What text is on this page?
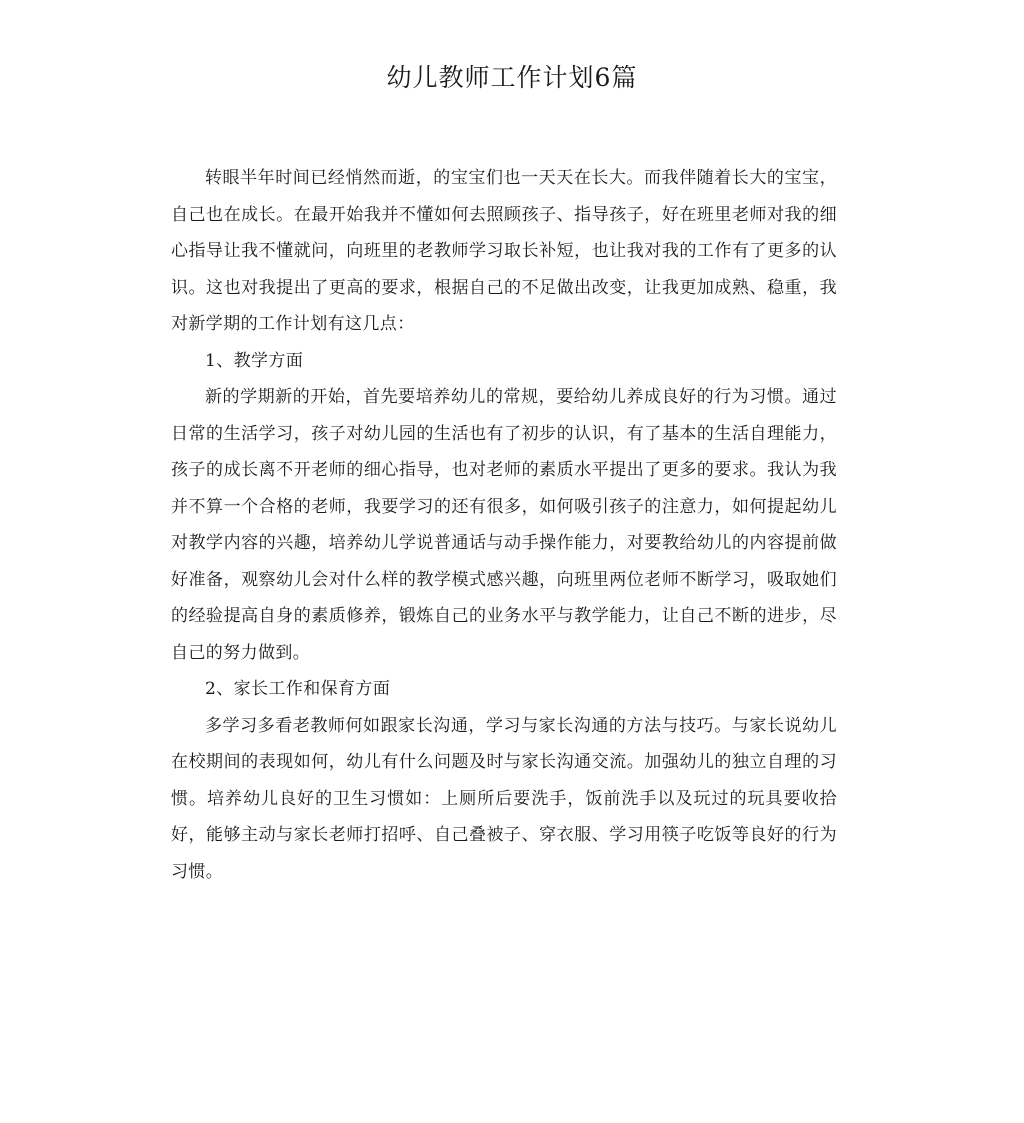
幼儿教师工作计划6篇

转眼半年时间已经悄然而逝，的宝宝们也一天天在长大。而我伴随着长大的宝宝，自己也在成长。在最开始我并不懂如何去照顾孩子、指导孩子，好在班里老师对我的细心指导让我不懂就问，向班里的老教师学习取长补短，也让我对我的工作有了更多的认识。这也对我提出了更高的要求，根据自己的不足做出改变，让我更加成熟、稳重，我对新学期的工作计划有这几点：

1、教学方面

新的学期新的开始，首先要培养幼儿的常规，要给幼儿养成良好的行为习惯。通过日常的生活学习，孩子对幼儿园的生活也有了初步的认识，有了基本的生活自理能力，孩子的成长离不开老师的细心指导，也对老师的素质水平提出了更多的要求。我认为我并不算一个合格的老师，我要学习的还有很多，如何吸引孩子的注意力，如何提起幼儿对教学内容的兴趣，培养幼儿学说普通话与动手操作能力，对要教给幼儿的内容提前做好准备，观察幼儿会对什么样的教学模式感兴趣，向班里两位老师不断学习，吸取她们的经验提高自身的素质修养，锻炼自己的业务水平与教学能力，让自己不断的进步，尽自己的努力做到。

2、家长工作和保育方面

多学习多看老教师何如跟家长沟通，学习与家长沟通的方法与技巧。与家长说幼儿在校期间的表现如何，幼儿有什么问题及时与家长沟通交流。加强幼儿的独立自理的习惯。培养幼儿良好的卫生习惯如：上厕所后要洗手，饭前洗手以及玩过的玩具要收拾好，能够主动与家长老师打招呼、自己叠被子、穿衣服、学习用筷子吃饭等良好的行为习惯。
